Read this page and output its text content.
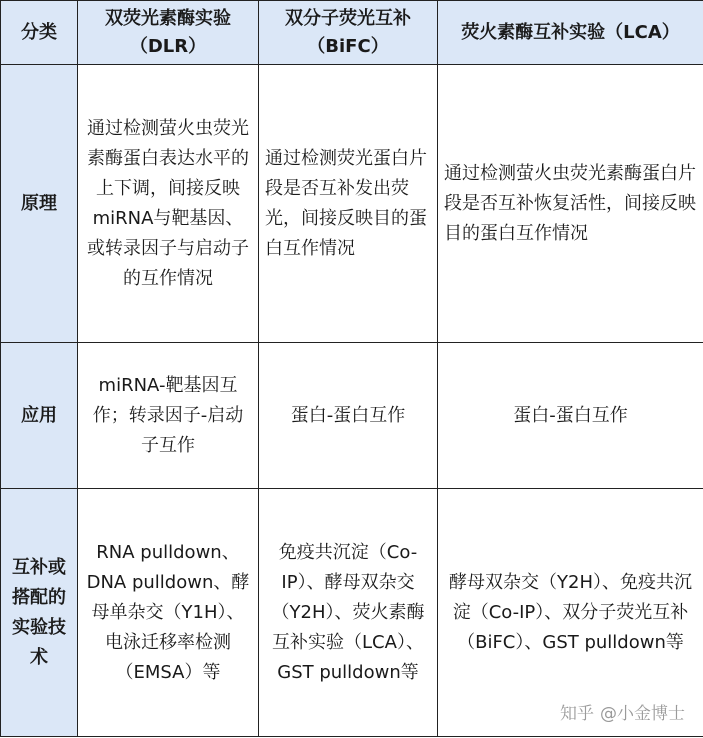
分类	双荧光素酶实验（DLR）	双分子荧光互补（BiFC）	荧火素酶互补实验（LCA）
原理	通过检测萤火虫荧光素酶蛋白表达水平的上下调，间接反映miRNA与靶基因、或转录因子与启动子的互作情况	通过检测荧光蛋白片段是否互补发出荧光，间接反映目的蛋白互作情况	通过检测萤火虫荧光素酶蛋白片段是否互补恢复活性，间接反映目的蛋白互作情况
应用	miRNA-靶基因互作；转录因子-启动子互作	蛋白-蛋白互作	蛋白-蛋白互作
互补或搭配的实验技术	RNA pulldown、DNA pulldown、酵母单杂交（Y1H）、电泳迁移率检测（EMSA）等	免疫共沉淀（Co-IP）、酵母双杂交（Y2H）、荧火素酶互补实验（LCA）、GST pulldown等	酵母双杂交（Y2H）、免疫共沉淀（Co-IP）、双分子荧光互补（BiFC）、GST pulldown等
知乎 @小金博士
